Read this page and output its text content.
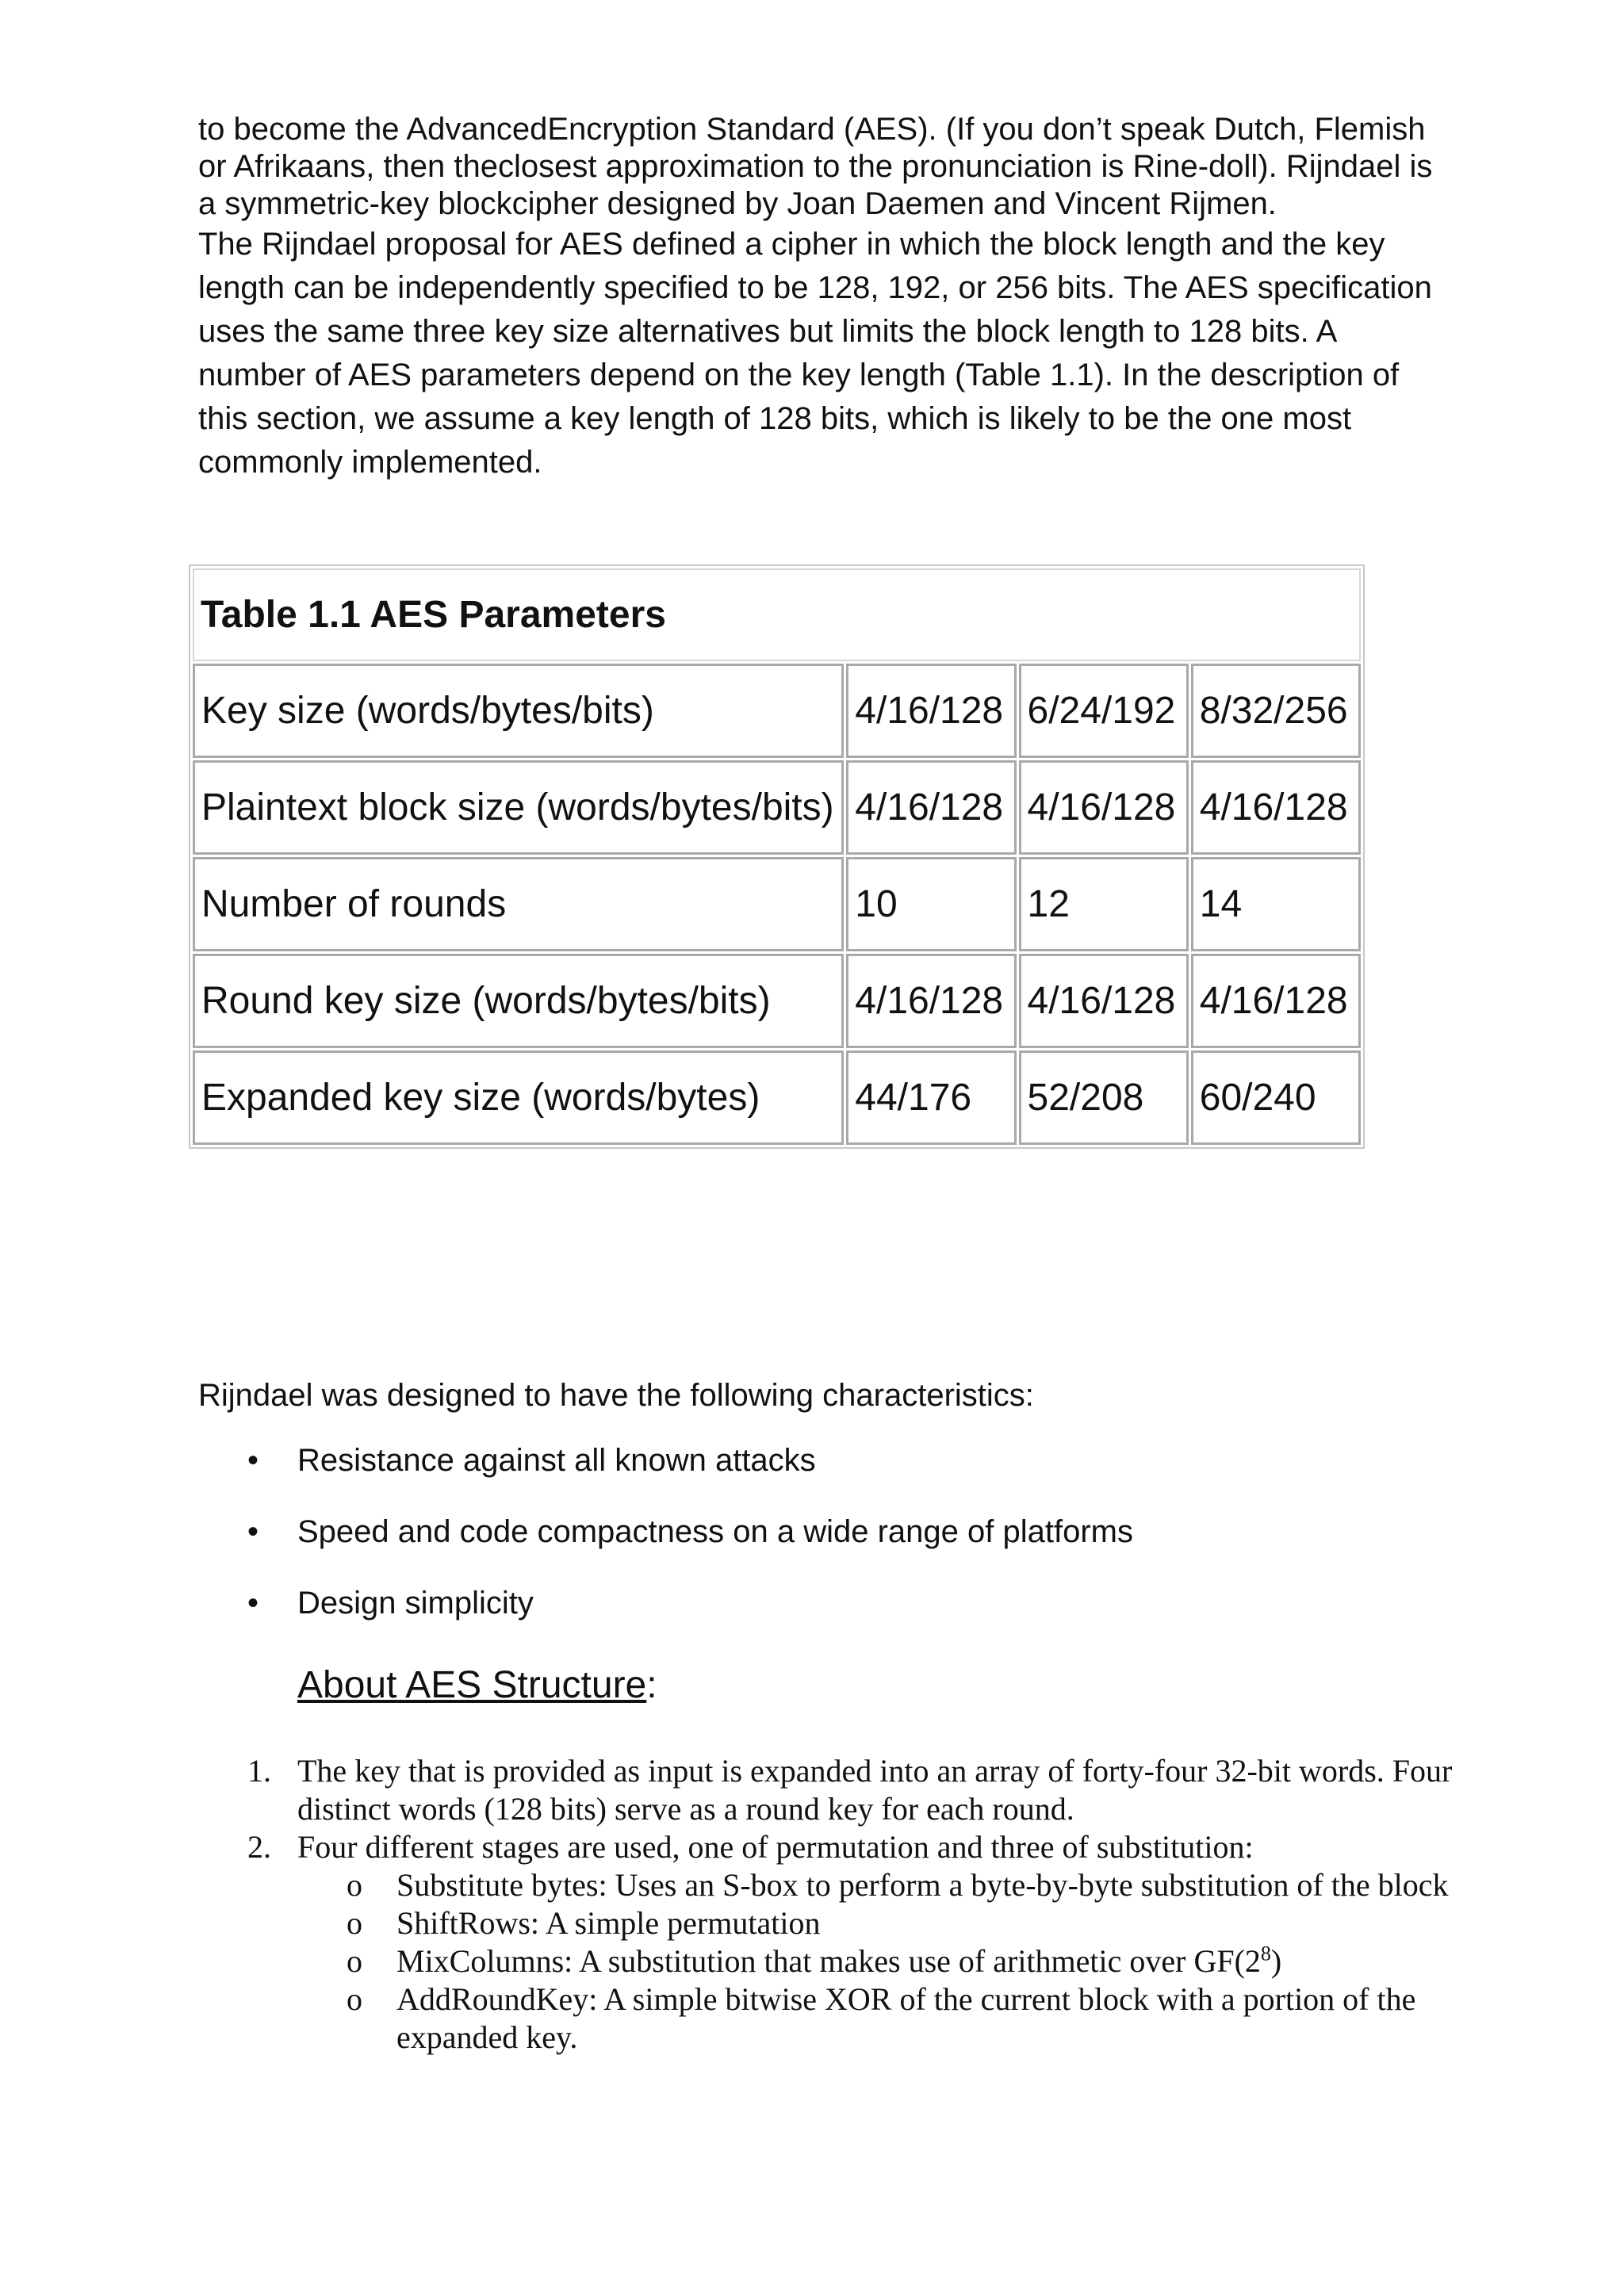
to become the AdvancedEncryption Standard (AES). (If you don’t speak Dutch, Flemish or Afrikaans, then theclosest approximation to the pronunciation is Rine-doll). Rijndael is a symmetric-key blockcipher designed by Joan Daemen and Vincent Rijmen.

The Rijndael proposal for AES defined a cipher in which the block length and the key length can be independently specified to be 128, 192, or 256 bits. The AES specification uses the same three key size alternatives but limits the block length to 128 bits. A number of AES parameters depend on the key length (Table 1.1). In the description of this section, we assume a key length of 128 bits, which is likely to be the one most commonly implemented.

Table 1.1 AES Parameters			
Key size (words/bytes/bits)	4/16/128	6/24/192	8/32/256
Plaintext block size (words/bytes/bits)	4/16/128	4/16/128	4/16/128
Number of rounds	10	12	14
Round key size (words/bytes/bits)	4/16/128	4/16/128	4/16/128
Expanded key size (words/bytes)	44/176	52/208	60/240

Rijndael was designed to have the following characteristics:

• Resistance against all known attacks
• Speed and code compactness on a wide range of platforms
• Design simplicity

About AES Structure:

1. The key that is provided as input is expanded into an array of forty-four 32-bit words. Four distinct words (128 bits) serve as a round key for each round.
2. Four different stages are used, one of permutation and three of substitution:
o Substitute bytes: Uses an S-box to perform a byte-by-byte substitution of the block
o ShiftRows: A simple permutation
o MixColumns: A substitution that makes use of arithmetic over $GF(2^8)$
o AddRoundKey: A simple bitwise XOR of the current block with a portion of the expanded key.
